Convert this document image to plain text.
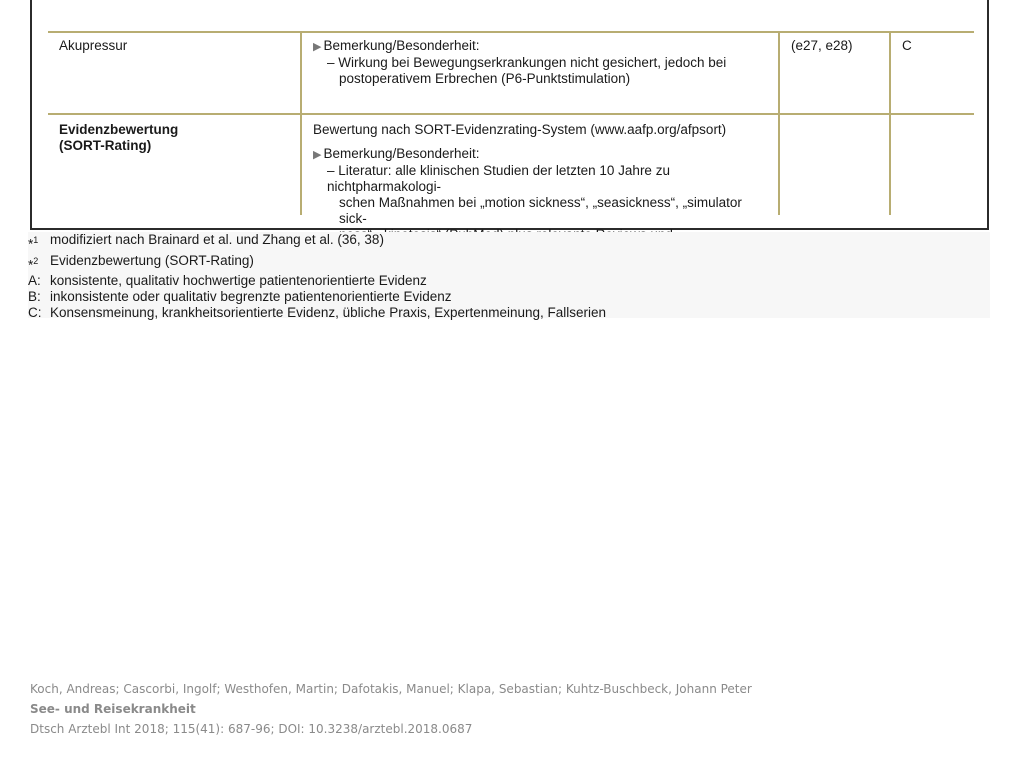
Akupressur	▶ Bemerkung/Besonderheit:
– Wirkung bei Bewegungserkrankungen nicht gesichert, jedoch bei
postoperativem Erbrechen (P6-Punktstimulation)
(e27, e28)	C
Evidenzbewertung
(SORT-Rating)
Bewertung nach SORT-Evidenzrating-System (www.aafp.org/afpsort)
▶ Bemerkung/Besonderheit:
– Literatur: alle klinischen Studien der letzten 10 Jahre zu nichtpharmakologi-
schen Maßnahmen bei „motion sickness“, „seasickness“, „simulator sick-
*$^1$ modifiziert nach Brainard et al. und Zhang et al. (36, 38)
*$^2$ Evidenzbewertung (SORT-Rating)
A: konsistente, qualitativ hochwertige patientenorientierte Evidenz
B: inkonsistente oder qualitativ begrenzte patientenorientierte Evidenz
C: Konsensmeinung, krankheitsorientierte Evidenz, übliche Praxis, Expertenmeinung, Fallserien
Koch, Andreas; Cascorbi, Ingolf; Westhofen, Martin; Dafotakis, Manuel; Klapa, Sebastian; Kuhtz-Buschbeck, Johann Peter
See- und Reisekrankheit
Dtsch Arztebl Int 2018; 115(41): 687-96; DOI: 10.3238/arztebl.2018.0687
